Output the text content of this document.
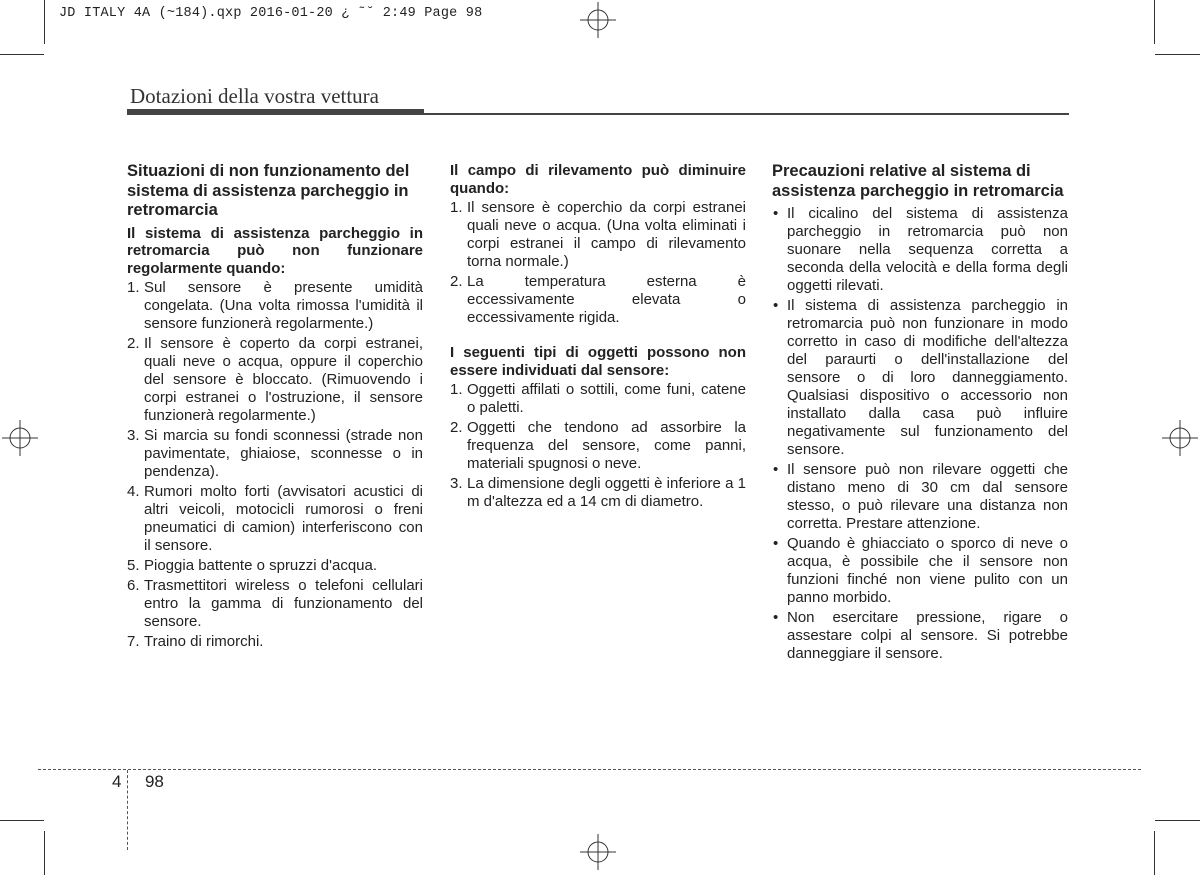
JD ITALY 4A (~184).qxp 2016-01-20 ¿ ˜˘ 2:49 Page 98
Dotazioni della vostra vettura
Situazioni di non funzionamento del sistema di assistenza parcheggio in retromarcia
Il sistema di assistenza parcheggio in retromarcia può non funzionare regolarmente quando:
1. Sul sensore è presente umidità congelata. (Una volta rimossa l'umidità il sensore funzionerà regolarmente.)
2. Il sensore è coperto da corpi estranei, quali neve o acqua, oppure il coperchio del sensore è bloccato. (Rimuovendo i corpi estranei o l'ostruzione, il sensore funzionerà regolarmente.)
3. Si marcia su fondi sconnessi (strade non pavimentate, ghiaiose, sconnesse o in pendenza).
4. Rumori molto forti (avvisatori acustici di altri veicoli, motocicli rumorosi o freni pneumatici di camion) interferiscono con il sensore.
5. Pioggia battente o spruzzi d'acqua.
6. Trasmettitori wireless o telefoni cellulari entro la gamma di funzionamento del sensore.
7. Traino di rimorchi.
Il campo di rilevamento può diminuire quando:
1. Il sensore è coperchio da corpi estranei quali neve o acqua. (Una volta eliminati i corpi estranei il campo di rilevamento torna normale.)
2. La temperatura esterna è eccessivamente elevata o eccessivamente rigida.
I seguenti tipi di oggetti possono non essere individuati dal sensore:
1. Oggetti affilati o sottili, come funi, catene o paletti.
2. Oggetti che tendono ad assorbire la frequenza del sensore, come panni, materiali spugnosi o neve.
3. La dimensione degli oggetti è inferiore a 1 m d'altezza ed a 14 cm di diametro.
Precauzioni relative al sistema di assistenza parcheggio in retromarcia
• Il cicalino del sistema di assistenza parcheggio in retromarcia può non suonare nella sequenza corretta a seconda della velocità e della forma degli oggetti rilevati.
• Il sistema di assistenza parcheggio in retromarcia può non funzionare in modo corretto in caso di modifiche dell'altezza del paraurti o dell'installazione del sensore o di loro danneggiamento. Qualsiasi dispositivo o accessorio non installato dalla casa può influire negativamente sul funzionamento del sensore.
• Il sensore può non rilevare oggetti che distano meno di 30 cm dal sensore stesso, o può rilevare una distanza non corretta. Prestare attenzione.
• Quando è ghiacciato o sporco di neve o acqua, è possibile che il sensore non funzioni finché non viene pulito con un panno morbido.
• Non esercitare pressione, rigare o assestare colpi al sensore. Si potrebbe danneggiare il sensore.
4 98
